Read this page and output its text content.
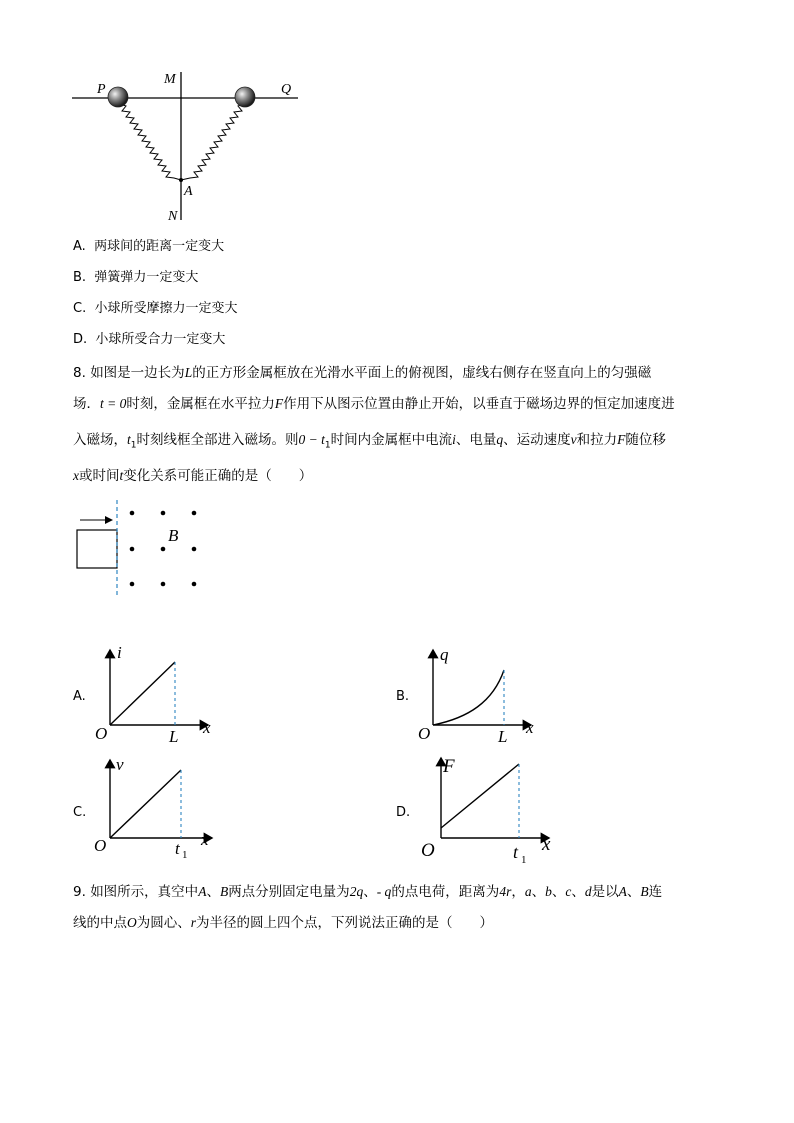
P	Q
M
A
N
A. 两球间的距离一定变大
B. 弹簧弹力一定变大
C. 小球所受摩擦力一定变大
D. 小球所受合力一定变大
8. 如图是一边长为L的正方形金属框放在光滑水平面上的俯视图，虚线右侧存在竖直向上的匀强磁
场．t = 0时刻，金属框在水平拉力F作用下从图示位置由静止开始，以垂直于磁场边界的恒定加速度进
入磁场，$t_1$时刻线框全部进入磁场。则$0 - t_1$时间内金属框中电流i、电量q、运动速度v和拉力F随位移
x或时间t变化关系可能正确的是（　　）
B
A.
i
O	x
L
B.
q
O	x
L
C.
v
O	x
t 1
D.
F
O	x
t 1
9. 如图所示，真空中A、B两点分别固定电量为2q、- q的点电荷，距离为4r，a、b、c、d是以A、B连
线的中点O为圆心、r为半径的圆上四个点，下列说法正确的是（　　）
